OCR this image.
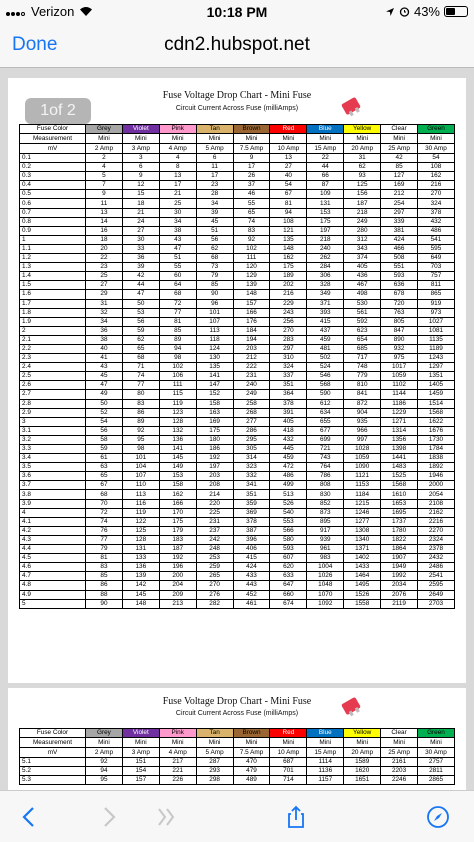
Verizon	10:18 PM	43%
Done	cdn2.hubspot.net
Fuse Voltage Drop Chart - Mini Fuse
Circuit Current Across Fuse (milliAmps)
Fuse Color	Grey	Violet	Pink	Tan	Brown	Red	Blue	Yellow	Clear	Green
Measurement	Mini	Mini	Mini	Mini	Mini	Mini	Mini	Mini	Mini	Mini
mV	2 Amp	3 Amp	4 Amp	5 Amp	7.5 Amp	10 Amp	15 Amp	20 Amp	25 Amp	30 Amp
0.1	2	3	4	6	9	13	22	31	42	54
0.2	4	6	8	11	17	27	44	62	85	108
0.3	5	9	13	17	26	40	66	93	127	162
0.4	7	12	17	23	37	54	87	125	169	216
0.5	9	15	21	28	46	67	109	156	212	270
0.6	11	18	25	34	55	81	131	187	254	324
0.7	13	21	30	39	65	94	153	218	297	378
0.8	14	24	34	45	74	108	175	249	339	432
0.9	16	27	38	51	83	121	197	280	381	486
1	18	30	43	56	92	135	218	312	424	541
1.1	20	33	47	62	102	148	240	343	466	595
1.2	22	36	51	68	111	162	262	374	508	649
1.3	23	39	55	73	120	175	284	405	551	703
1.4	25	42	60	79	129	189	306	436	593	757
1.5	27	44	64	85	139	202	328	467	636	811
1.6	29	47	68	90	148	216	349	498	678	865
1.7	31	50	72	96	157	229	371	530	720	919
1.8	32	53	77	101	166	243	393	561	763	973
1.9	34	56	81	107	176	256	415	592	805	1027
2	36	59	85	113	184	270	437	623	847	1081
2.1	38	62	89	118	194	283	459	654	890	1135
2.2	40	65	94	124	203	297	481	685	932	1189
2.3	41	68	98	130	212	310	502	717	975	1243
2.4	43	71	102	135	222	324	524	748	1017	1297
2.5	45	74	106	141	231	337	546	779	1059	1351
2.6	47	77	111	147	240	351	568	810	1102	1405
2.7	49	80	115	152	249	364	590	841	1144	1459
2.8	50	83	119	158	258	378	612	872	1186	1514
2.9	52	86	123	163	268	391	634	904	1229	1568
3	54	89	128	169	277	405	655	935	1271	1622
3.1	56	92	132	175	286	418	677	966	1314	1676
3.2	58	95	136	180	295	432	699	997	1356	1730
3.3	59	98	141	186	305	445	721	1028	1398	1784
3.4	61	101	145	192	314	459	743	1059	1441	1838
3.5	63	104	149	197	323	472	764	1090	1483	1892
3.6	65	107	153	203	332	486	786	1121	1525	1946
3.7	67	110	158	208	341	499	808	1153	1568	2000
3.8	68	113	162	214	351	513	830	1184	1610	2054
3.9	70	116	166	220	359	526	852	1215	1653	2108
4	72	119	170	225	369	540	873	1246	1695	2162
4.1	74	122	175	231	378	553	895	1277	1737	2216
4.2	76	125	179	237	387	566	917	1308	1780	2270
4.3	77	128	183	242	396	580	939	1340	1822	2324
4.4	79	131	187	248	406	593	961	1371	1864	2378
4.5	81	133	192	253	415	607	983	1402	1907	2432
4.6	83	136	196	259	424	620	1004	1433	1949	2486
4.7	85	139	200	265	433	633	1026	1464	1992	2541
4.8	86	142	204	270	443	647	1048	1495	2034	2595
4.9	88	145	209	276	452	660	1070	1526	2076	2649
5	90	148	213	282	461	674	1092	1558	2119	2703
Fuse Voltage Drop Chart - Mini Fuse
Circuit Current Across Fuse (milliAmps)
Fuse Color	Grey	Violet	Pink	Tan	Brown	Red	Blue	Yellow	Clear	Green
Measurement	Mini	Mini	Mini	Mini	Mini	Mini	Mini	Mini	Mini	Mini
mV	2 Amp	3 Amp	4 Amp	5 Amp	7.5 Amp	10 Amp	15 Amp	20 Amp	25 Amp	30 Amp
5.1	92	151	217	287	470	687	1114	1589	2161	2757
5.2	94	154	221	293	479	701	1136	1620	2203	2811
5.3	95	157	226	298	489	714	1157	1651	2246	2865
1of 2
